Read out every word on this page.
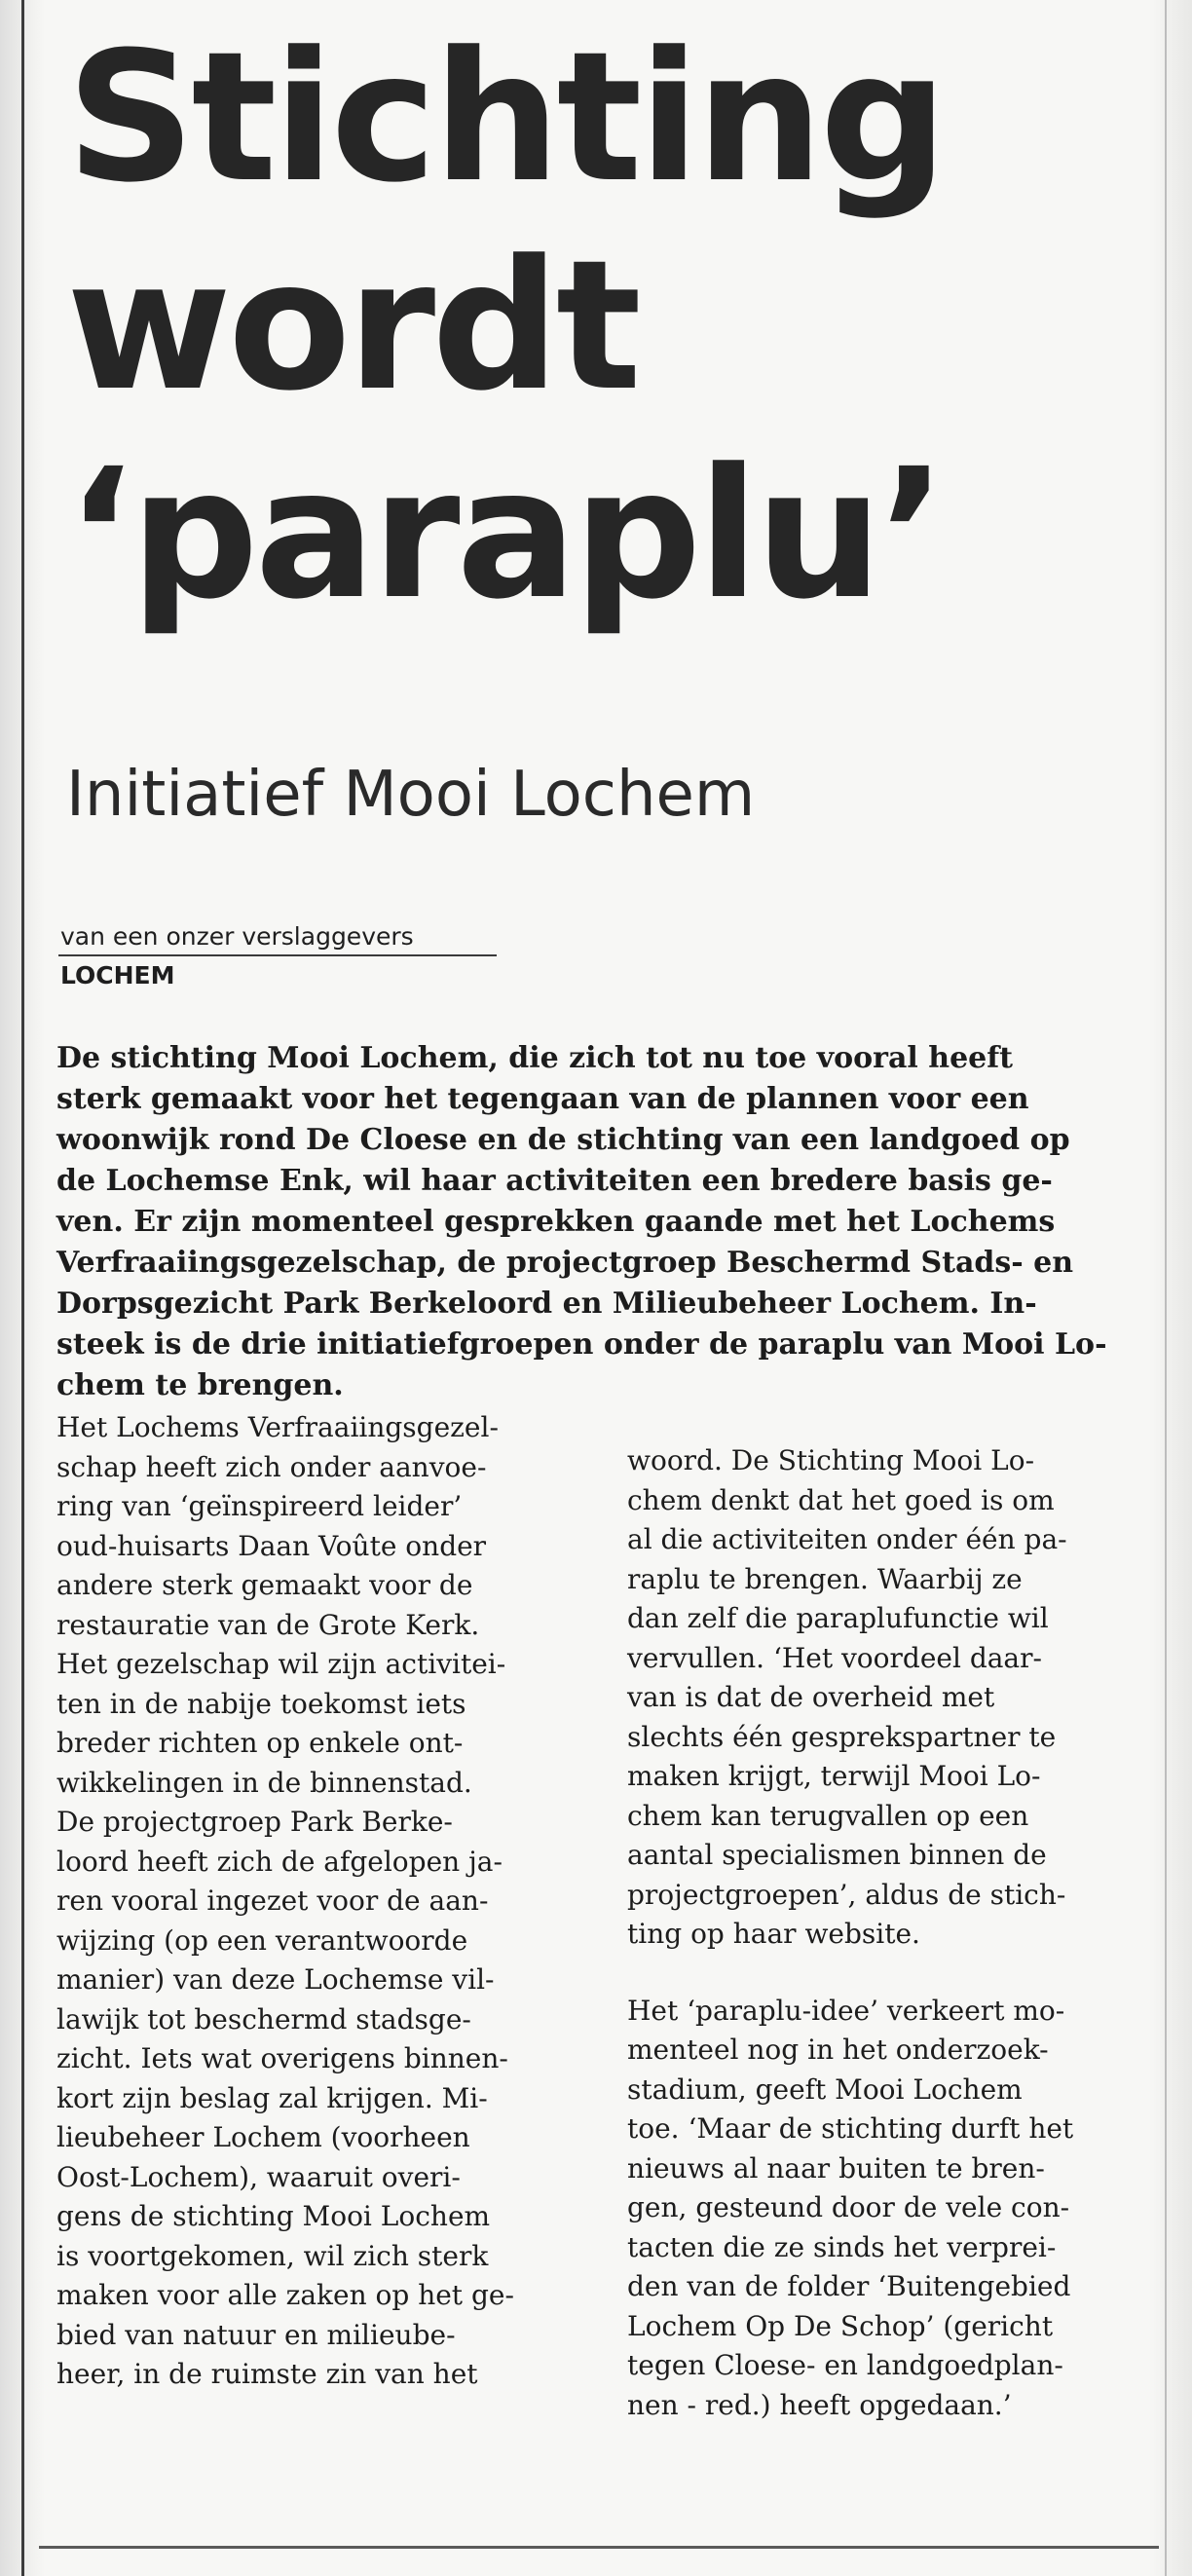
Stichting
wordt
‘paraplu’
Initiatief Mooi Lochem
van een onzer verslaggevers
LOCHEM
De stichting Mooi Lochem, die zich tot nu toe vooral heeft
sterk gemaakt voor het tegengaan van de plannen voor een
woonwijk rond De Cloese en de stichting van een landgoed op
de Lochemse Enk, wil haar activiteiten een bredere basis ge-
ven. Er zijn momenteel gesprekken gaande met het Lochems
Verfraaiingsgezelschap, de projectgroep Beschermd Stads- en
Dorpsgezicht Park Berkeloord en Milieubeheer Lochem. In-
steek is de drie initiatiefgroepen onder de paraplu van Mooi Lo-
chem te brengen.
Het Lochems Verfraaiingsgezel-
schap heeft zich onder aanvoe-
ring van ‘geïnspireerd leider’
oud-huisarts Daan Voûte onder
andere sterk gemaakt voor de
restauratie van de Grote Kerk.
Het gezelschap wil zijn activitei-
ten in de nabije toekomst iets
breder richten op enkele ont-
wikkelingen in de binnenstad.
De projectgroep Park Berke-
loord heeft zich de afgelopen ja-
ren vooral ingezet voor de aan-
wijzing (op een verantwoorde
manier) van deze Lochemse vil-
lawijk tot beschermd stadsge-
zicht. Iets wat overigens binnen-
kort zijn beslag zal krijgen. Mi-
lieubeheer Lochem (voorheen
Oost-Lochem), waaruit overi-
gens de stichting Mooi Lochem
is voortgekomen, wil zich sterk
maken voor alle zaken op het ge-
bied van natuur en milieube-
heer, in de ruimste zin van het
woord. De Stichting Mooi Lo-
chem denkt dat het goed is om
al die activiteiten onder één pa-
raplu te brengen. Waarbij ze
dan zelf die paraplufunctie wil
vervullen. ‘Het voordeel daar-
van is dat de overheid met
slechts één gesprekspartner te
maken krijgt, terwijl Mooi Lo-
chem kan terugvallen op een
aantal specialismen binnen de
projectgroepen’, aldus de stich-
ting op haar website.
Het ‘paraplu-idee’ verkeert mo-
menteel nog in het onderzoek-
stadium, geeft Mooi Lochem
toe. ‘Maar de stichting durft het
nieuws al naar buiten te bren-
gen, gesteund door de vele con-
tacten die ze sinds het verprei-
den van de folder ‘Buitengebied
Lochem Op De Schop’ (gericht
tegen Cloese- en landgoedplan-
nen - red.) heeft opgedaan.’
